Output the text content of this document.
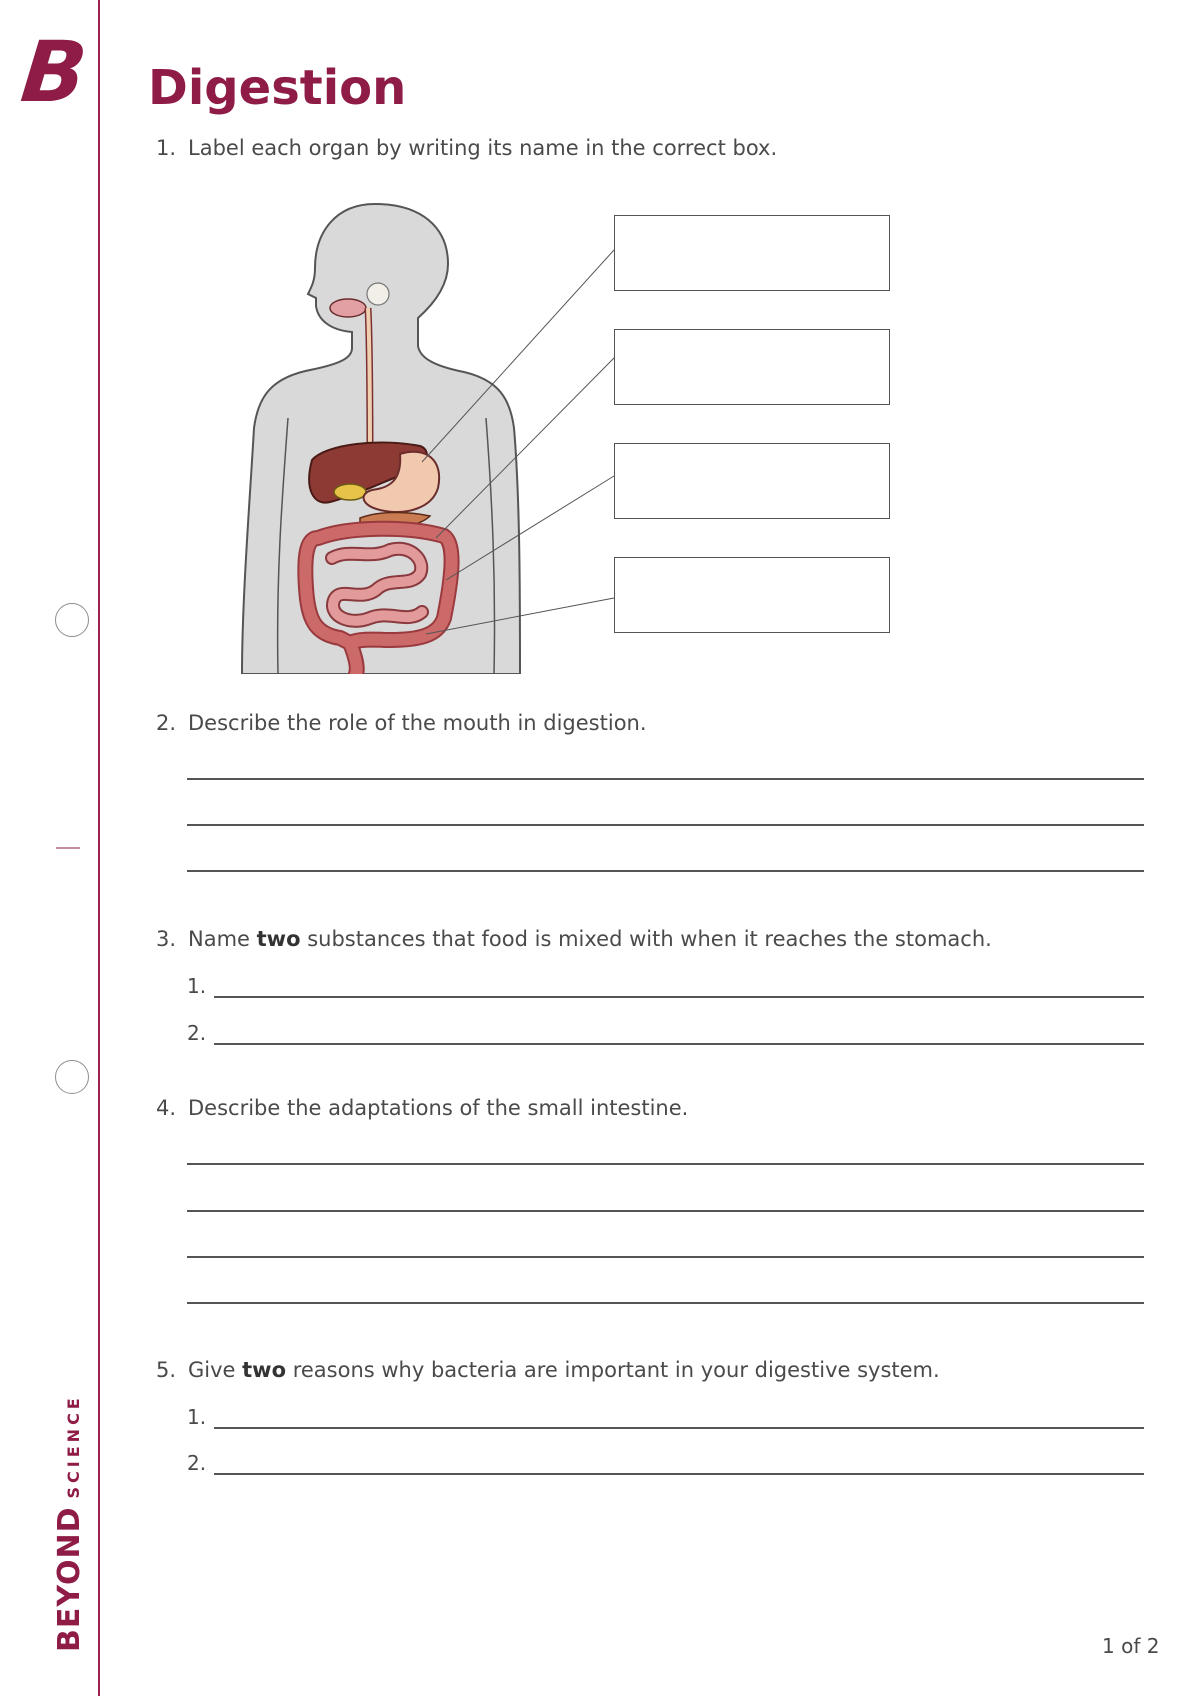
B
BEYONDSCIENCE
Digestion
1. Label each organ by writing its name in the correct box.
2. Describe the role of the mouth in digestion.
3. Name two substances that food is mixed with when it reaches the stomach.
1.
2.
4. Describe the adaptations of the small intestine.
5. Give two reasons why bacteria are important in your digestive system.
1.
2.
1 of 2
